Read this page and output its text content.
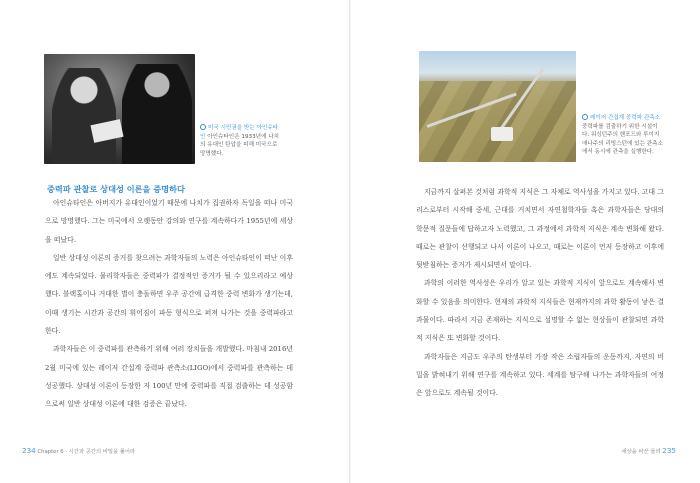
미국 시민권을 받는 아인슈타인 아인슈타인은 1933년에 나치의 유대인 탄압을 피해 미국으로 망명했다.
중력파 관찰로 상대성 이론을 증명하다

아인슈타인은 아버지가 유대인이었기 때문에 나치가 집권하자 독일을 떠나 미국으로 망명했다. 그는 미국에서 오랫동안 강의와 연구를 계속하다가 1955년에 세상을 떠났다.

일반 상대성 이론의 증거를 찾으려는 과학자들의 노력은 아인슈타인이 떠난 이후에도 계속되었다. 물리학자들은 중력파가 결정적인 증거가 될 수 있으리라고 예상했다. 블랙홀이나 거대한 별이 충돌하면 우주 공간에 급격한 중력 변화가 생기는데, 이때 생기는 시간과 공간의 휘어짐이 파동 형식으로 퍼져 나가는 것을 중력파라고 한다.

과학자들은 이 중력파를 관측하기 위해 여러 장치들을 개발했다. 마침내 2016년 2월 미국에 있는 레이저 간섭계 중력파 관측소(LIGO)에서 중력파를 관측하는 데 성공했다. 상대성 이론이 등장한 지 100년 만에 중력파를 직접 검출하는 데 성공함으로써 일반 상대성 이론에 대한 검증은 끝났다.

234 Chapter 6 · 시간과 공간의 비밀을 풀어라
레이저 간섭계 중력파 관측소 중력파를 검출하기 위한 시설이다. 워싱턴주의 핸포드와 루이지애나주의 리빙스턴에 있는 관측소에서 동시에 관측을 실행한다.

지금까지 살펴본 것처럼 과학적 지식은 그 자체로 역사성을 가지고 있다. 고대 그리스로부터 시작해 중세, 근대를 거치면서 자연철학자들 혹은 과학자들은 당대의 학문적 질문들에 답하고자 노력했고, 그 과정에서 과학적 지식은 계속 변화해 왔다. 때로는 관찰이 선행되고 나서 이론이 나오고, 때로는 이론이 먼저 등장하고 이후에 뒷받침하는 증거가 제시되면서 말이다.

과학의 이러한 역사성은 우리가 알고 있는 과학적 지식이 앞으로도 계속해서 변화할 수 있음을 의미한다. 현재의 과학적 지식들은 현재까지의 과학 활동이 낳은 결과물이다. 따라서 지금 존재하는 지식으로 설명할 수 없는 현상들이 관찰되면 과학적 지식은 또 변화할 것이다.

과학자들은 지금도 우주의 탄생부터 가장 작은 소립자들의 운동까지, 자연의 비밀을 밝혀내기 위해 연구를 계속하고 있다. 세계를 탐구해 나가는 과학자들의 여정은 앞으로도 계속될 것이다.

세상을 바꾼 물리 235
